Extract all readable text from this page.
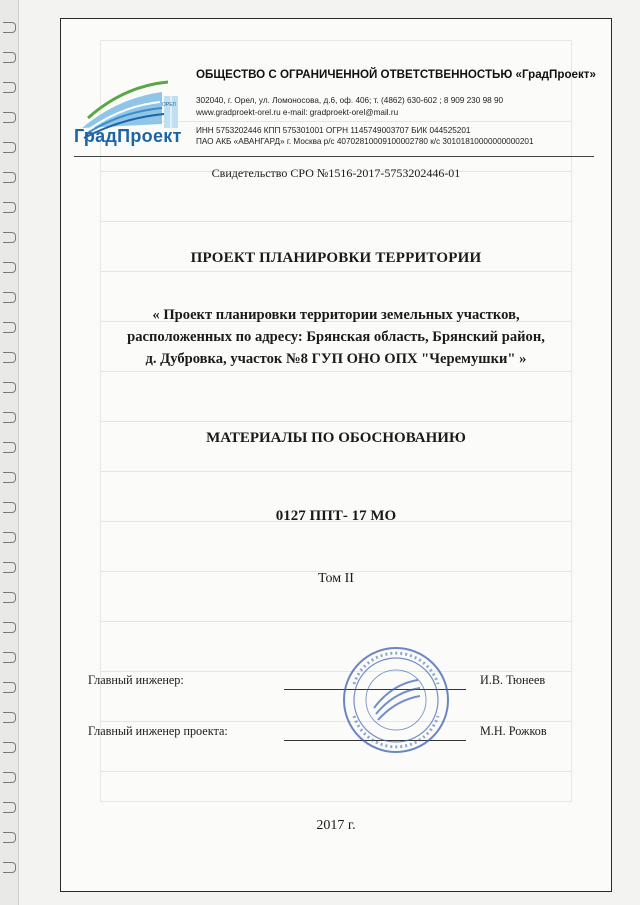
ОРЕЛ
ГрадПроект
ОБЩЕСТВО С ОГРАНИЧЕННОЙ ОТВЕТСТВЕННОСТЬЮ «ГрадПроект»
302040, г. Орел, ул. Ломоносова, д.6, оф. 406; т. (4862) 630-602 ; 8 909 230 98 90
www.gradproekt-orel.ru e-mail: gradproekt-orel@mail.ru
ИНН 5753202446 КПП 575301001 ОГРН 1145749003707 БИК 044525201
ПАО АКБ «АВАНГАРД» г. Москва р/с 40702810009100002780 к/с 30101810000000000201
Свидетельство СРО №1516-2017-5753202446-01
ПРОЕКТ ПЛАНИРОВКИ ТЕРРИТОРИИ
« Проект планировки территории земельных участков,
расположенных по адресу: Брянская область, Брянский район,
д. Дубровка, участок №8 ГУП ОНО ОПХ "Черемушки" »
МАТЕРИАЛЫ ПО ОБОСНОВАНИЮ
0127 ППТ- 17 МО
Том II
Главный инженер:	И.В. Тюнеев
Главный инженер проекта:	М.Н. Рожков
2017 г.
